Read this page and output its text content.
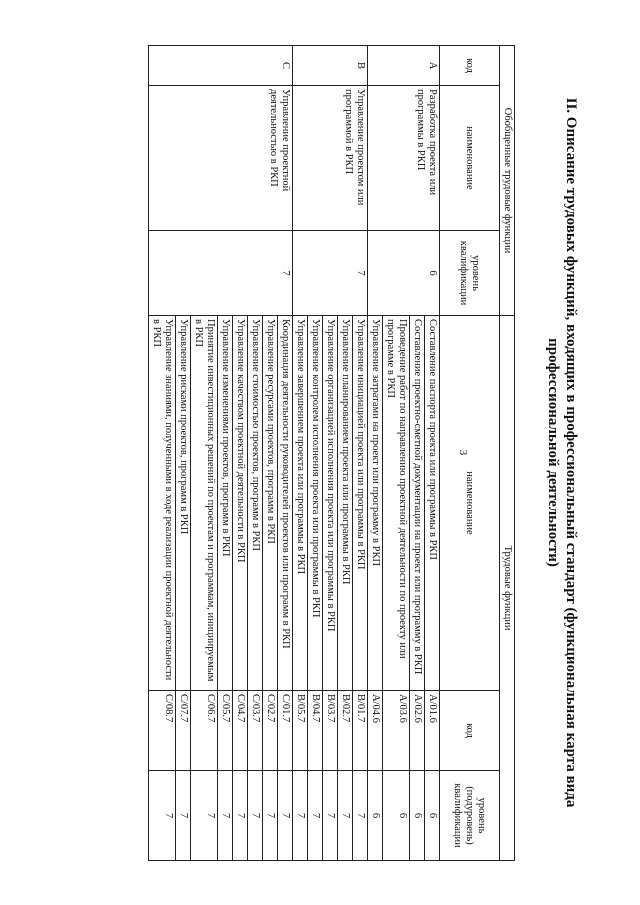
3	II. Описание трудовых функций, входящих в профессиональный стандарт (функциональная карта вида
профессиональной деятельности)
Обобщенные трудовые функции			Трудовые функции		
код	наименование	уровень квалификации	наименование	код	уровень (подуровень) квалификации
A	Разработка проекта или программы в РКП	6	Составление паспорта проекта или программы в РКП	A/01.6	6
			Составление проектно-сметной документации на проект или программу в РКП	A/02.6	6
			Проведение работ по направлению проектной деятельности по проекту или программе в РКП	A/03.6	6
			Управление затратами на проект или программу в РКП	A/04.6	6
B	Управление проектом или программой в РКП	7	Управление инициацией проекта или программы в РКП	B/01.7	7
			Управление планированием проекта или программы в РКП	B/02.7	7
			Управление организацией исполнения проекта или программы в РКП	B/03.7	7
			Управление контролем исполнения проекта или программы в РКП	B/04.7	7
			Управление завершением проекта или программы в РКП	B/05.7	7
C	Управление проектной деятельностью в РКП	7	Координация деятельности руководителей проектов или программ в РКП	C/01.7	7
			Управление ресурсами проектов, программ в РКП	C/02.7	7
			Управление стоимостью проектов, программ в РКП	C/03.7	7
			Управление качеством проектной деятельности в РКП	C/04.7	7
			Управление изменениями проектов, программ в РКП	C/05.7	7
			Принятие инвестиционных решений по проектам и программам, инициируемым в РКП	C/06.7	7
			Управление рисками проектов, программ в РКП	C/07.7	7
			Управление знаниями, полученными в ходе реализации проектной деятельности в РКП	C/08.7	7
